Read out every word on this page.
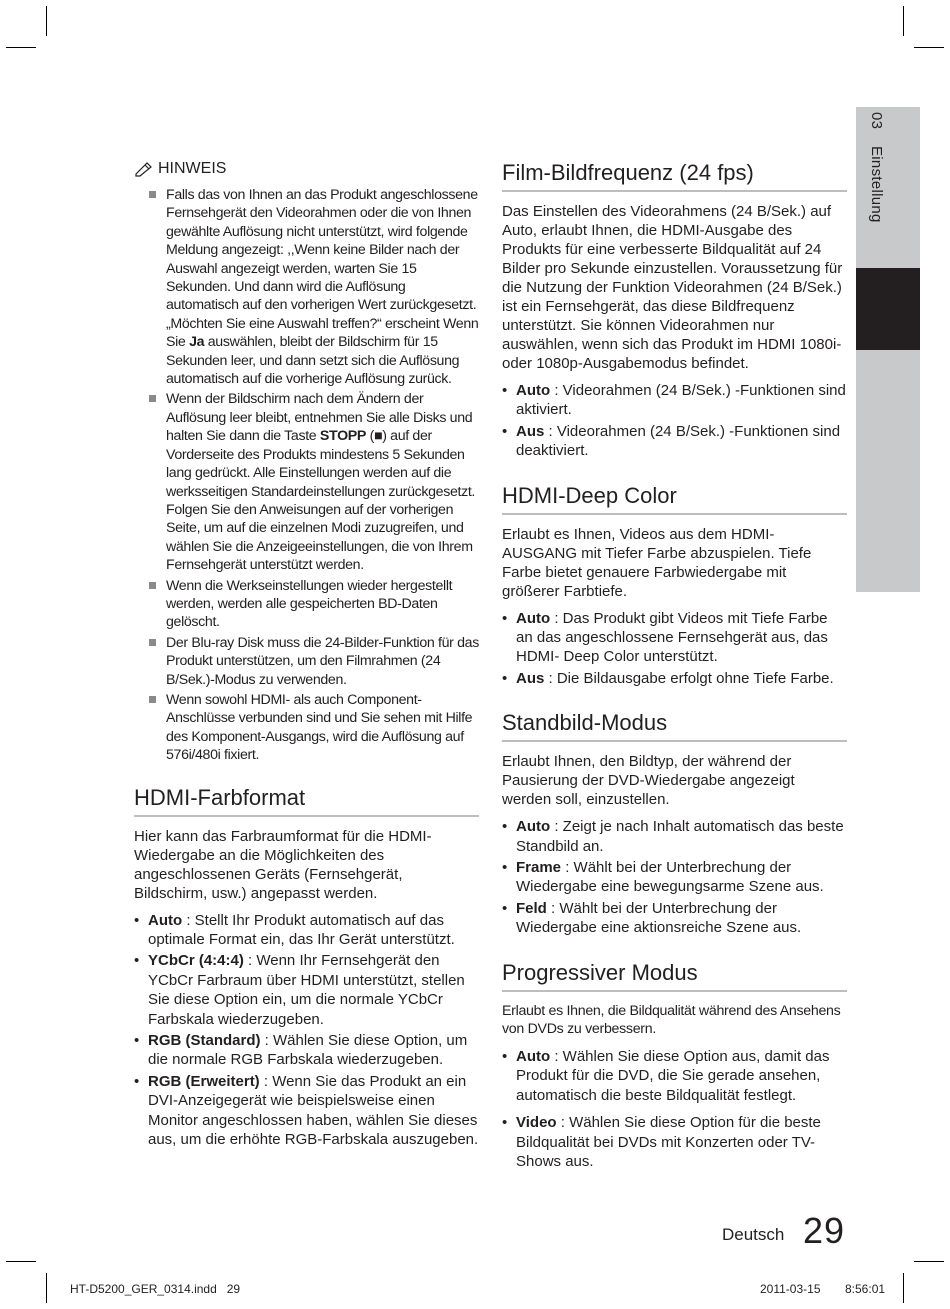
03 Einstellung
HINWEIS
Falls das von Ihnen an das Produkt angeschlossene Fernsehgerät den Videorahmen oder die von Ihnen gewählte Auflösung nicht unterstützt, wird folgende Meldung angezeigt: ,,Wenn keine Bilder nach der Auswahl angezeigt werden, warten Sie 15 Sekunden. Und dann wird die Auflösung automatisch auf den vorherigen Wert zurückgesetzt. „Möchten Sie eine Auswahl treffen?“ erscheint Wenn Sie Ja auswählen, bleibt der Bildschirm für 15 Sekunden leer, und dann setzt sich die Auflösung automatisch auf die vorherige Auflösung zurück.
Wenn der Bildschirm nach dem Ändern der Auflösung leer bleibt, entnehmen Sie alle Disks und halten Sie dann die Taste STOPP (■) auf der Vorderseite des Produkts mindestens 5 Sekunden lang gedrückt. Alle Einstellungen werden auf die werksseitigen Standardeinstellungen zurückgesetzt. Folgen Sie den Anweisungen auf der vorherigen Seite, um auf die einzelnen Modi zuzugreifen, und wählen Sie die Anzeigeeinstellungen, die von Ihrem Fernsehgerät unterstützt werden.
Wenn die Werkseinstellungen wieder hergestellt werden, werden alle gespeicherten BD-Daten gelöscht.
Der Blu-ray Disk muss die 24-Bilder-Funktion für das Produkt unterstützen, um den Filmrahmen (24 B/Sek.)-Modus zu verwenden.
Wenn sowohl HDMI- als auch Component-Anschlüsse verbunden sind und Sie sehen mit Hilfe des Komponent-Ausgangs, wird die Auflösung auf 576i/480i fixiert.
HDMI-Farbformat

Hier kann das Farbraumformat für die HDMI-Wiedergabe an die Möglichkeiten des angeschlossenen Geräts (Fernsehgerät, Bildschirm, usw.) angepasst werden.

• Auto : Stellt Ihr Produkt automatisch auf das optimale Format ein, das Ihr Gerät unterstützt.
• YCbCr (4:4:4) : Wenn Ihr Fernsehgerät den YCbCr Farbraum über HDMI unterstützt, stellen Sie diese Option ein, um die normale YCbCr Farbskala wiederzugeben.
• RGB (Standard) : Wählen Sie diese Option, um die normale RGB Farbskala wiederzugeben.
• RGB (Erweitert) : Wenn Sie das Produkt an ein DVI-Anzeigegerät wie beispielsweise einen Monitor angeschlossen haben, wählen Sie dieses aus, um die erhöhte RGB-Farbskala auszugeben.
Film-Bildfrequenz (24 fps)

Das Einstellen des Videorahmens (24 B/Sek.) auf Auto, erlaubt Ihnen, die HDMI-Ausgabe des Produkts für eine verbesserte Bildqualität auf 24 Bilder pro Sekunde einzustellen. Voraussetzung für die Nutzung der Funktion Videorahmen (24 B/Sek.) ist ein Fernsehgerät, das diese Bildfrequenz unterstützt. Sie können Videorahmen nur auswählen, wenn sich das Produkt im HDMI 1080i- oder 1080p-Ausgabemodus befindet.

• Auto : Videorahmen (24 B/Sek.) -Funktionen sind aktiviert.
• Aus : Videorahmen (24 B/Sek.) -Funktionen sind deaktiviert.
HDMI-Deep Color

Erlaubt es Ihnen, Videos aus dem HDMI-AUSGANG mit Tiefer Farbe abzuspielen. Tiefe Farbe bietet genauere Farbwiedergabe mit größerer Farbtiefe.

• Auto : Das Produkt gibt Videos mit Tiefe Farbe an das angeschlossene Fernsehgerät aus, das HDMI- Deep Color unterstützt.
• Aus : Die Bildausgabe erfolgt ohne Tiefe Farbe.
Standbild-Modus

Erlaubt Ihnen, den Bildtyp, der während der Pausierung der DVD-Wiedergabe angezeigt werden soll, einzustellen.

• Auto : Zeigt je nach Inhalt automatisch das beste Standbild an.
• Frame : Wählt bei der Unterbrechung der Wiedergabe eine bewegungsarme Szene aus.
• Feld : Wählt bei der Unterbrechung der Wiedergabe eine aktionsreiche Szene aus.
Progressiver Modus

Erlaubt es Ihnen, die Bildqualität während des Ansehens von DVDs zu verbessern.

• Auto : Wählen Sie diese Option aus, damit das Produkt für die DVD, die Sie gerade ansehen, automatisch die beste Bildqualität festlegt.
• Video : Wählen Sie diese Option für die beste Bildqualität bei DVDs mit Konzerten oder TV-Shows aus.
Deutsch 29
HT-D5200_GER_0314.indd   29	2011-03-15 8:56:01
